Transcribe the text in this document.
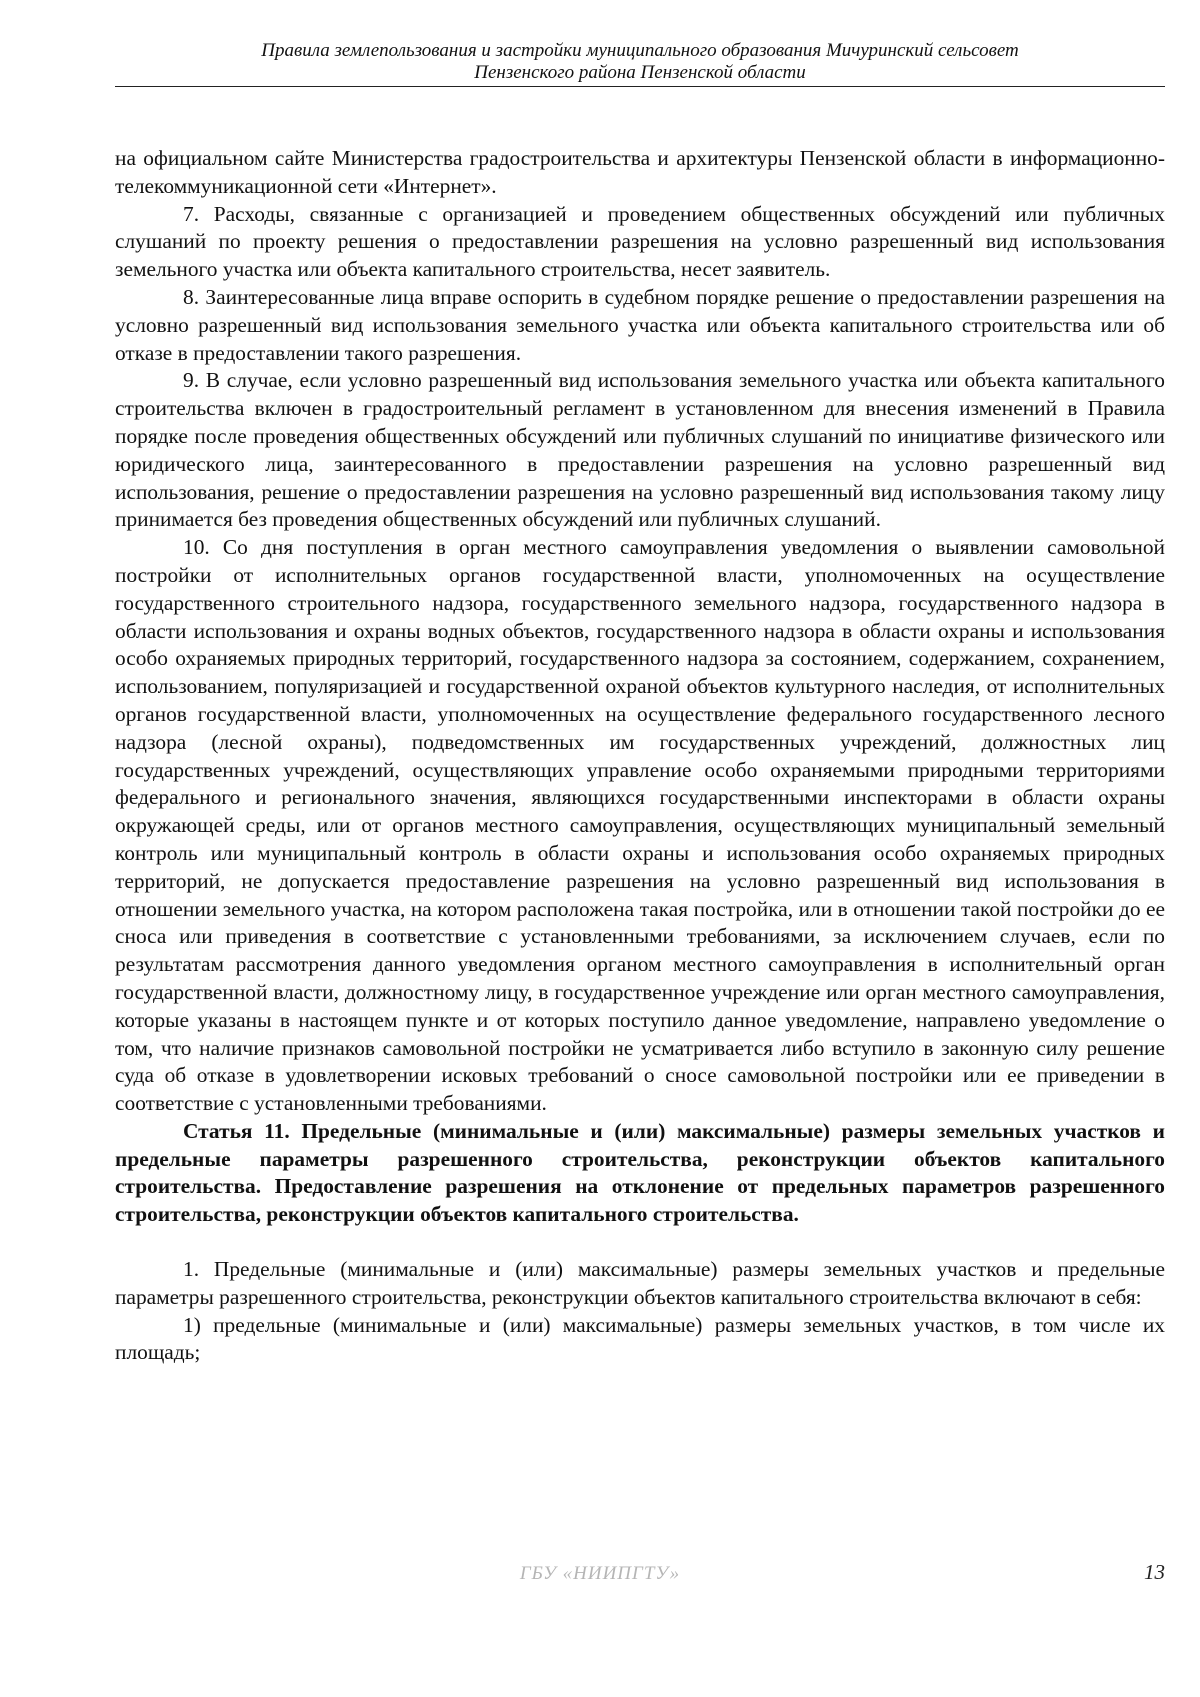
Правила землепользования и застройки муниципального образования Мичуринский сельсовет
Пензенского района Пензенской области

на официальном сайте Министерства градостроительства и архитектуры Пензенской области в информационно-телекоммуникационной сети «Интернет».

7. Расходы, связанные с организацией и проведением общественных обсуждений или публичных слушаний по проекту решения о предоставлении разрешения на условно разрешенный вид использования земельного участка или объекта капитального строительства, несет заявитель.

8. Заинтересованные лица вправе оспорить в судебном порядке решение о предоставлении разрешения на условно разрешенный вид использования земельного участка или объекта капитального строительства или об отказе в предоставлении такого разрешения.

9. В случае, если условно разрешенный вид использования земельного участка или объекта капитального строительства включен в градостроительный регламент в установленном для внесения изменений в Правила порядке после проведения общественных обсуждений или публичных слушаний по инициативе физического или юридического лица, заинтересованного в предоставлении разрешения на условно разрешенный вид использования, решение о предоставлении разрешения на условно разрешенный вид использования такому лицу принимается без проведения общественных обсуждений или публичных слушаний.

10. Со дня поступления в орган местного самоуправления уведомления о выявлении самовольной постройки от исполнительных органов государственной власти, уполномоченных на осуществление государственного строительного надзора, государственного земельного надзора, государственного надзора в области использования и охраны водных объектов, государственного надзора в области охраны и использования особо охраняемых природных территорий, государственного надзора за состоянием, содержанием, сохранением, использованием, популяризацией и государственной охраной объектов культурного наследия, от исполнительных органов государственной власти, уполномоченных на осуществление федерального государственного лесного надзора (лесной охраны), подведомственных им государственных учреждений, должностных лиц государственных учреждений, осуществляющих управление особо охраняемыми природными территориями федерального и регионального значения, являющихся государственными инспекторами в области охраны окружающей среды, или от органов местного самоуправления, осуществляющих муниципальный земельный контроль или муниципальный контроль в области охраны и использования особо охраняемых природных территорий, не допускается предоставление разрешения на условно разрешенный вид использования в отношении земельного участка, на котором расположена такая постройка, или в отношении такой постройки до ее сноса или приведения в соответствие с установленными требованиями, за исключением случаев, если по результатам рассмотрения данного уведомления органом местного самоуправления в исполнительный орган государственной власти, должностному лицу, в государственное учреждение или орган местного самоуправления, которые указаны в настоящем пункте и от которых поступило данное уведомление, направлено уведомление о том, что наличие признаков самовольной постройки не усматривается либо вступило в законную силу решение суда об отказе в удовлетворении исковых требований о сносе самовольной постройки или ее приведении в соответствие с установленными требованиями.

Статья 11. Предельные (минимальные и (или) максимальные) размеры земельных участков и предельные параметры разрешенного строительства, реконструкции объектов капитального строительства. Предоставление разрешения на отклонение от предельных параметров разрешенного строительства, реконструкции объектов капитального строительства.

1. Предельные (минимальные и (или) максимальные) размеры земельных участков и предельные параметры разрешенного строительства, реконструкции объектов капитального строительства включают в себя:

1) предельные (минимальные и (или) максимальные) размеры земельных участков, в том числе их площадь;

ГБУ «НИИПГТУ»	13
